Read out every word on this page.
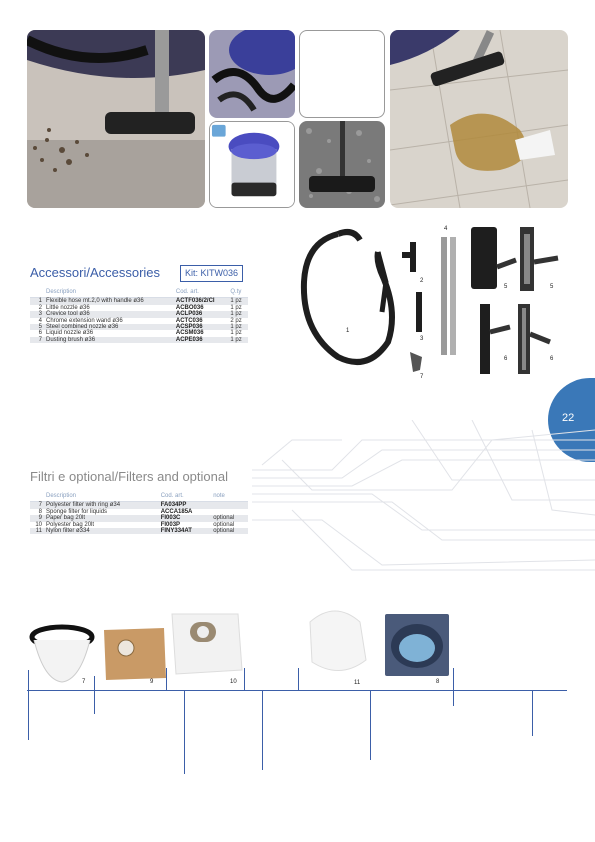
Accessori/Accessories	Kit: KITW036
	Description	Cod. art.	Q.ty
1	Flexible hose mt.2,0 with handle ø36	ACTF036/2/CI	1 pz
2	Little nozzle ø36	ACBO036	1 pz
3	Crevice tool ø36	ACLP036	1 pz
4	Chrome extension wand ø36	ACTC036	2 pz
5	Steel combined nozzle ø36	ACSP036	1 pz
6	Liquid nozzle ø36	ACSM036	1 pz
7	Dusting brush ø36	ACPE036	1 pz
1
2
3
4
5	5
6	6
7
22
Filtri e optional/Filters and optional
	Description	Cod. art.	note
7	Polyester filter with ring ø34	FA034PP	
8	Sponge filter for liquids	ACCA185A	
9	Paper bag 20lt	FI003C	optional
10	Polyester bag 20lt	FI003P	optional
11	Nylon filter ø334	FINY334AT	optional
7	9	10	11	8
